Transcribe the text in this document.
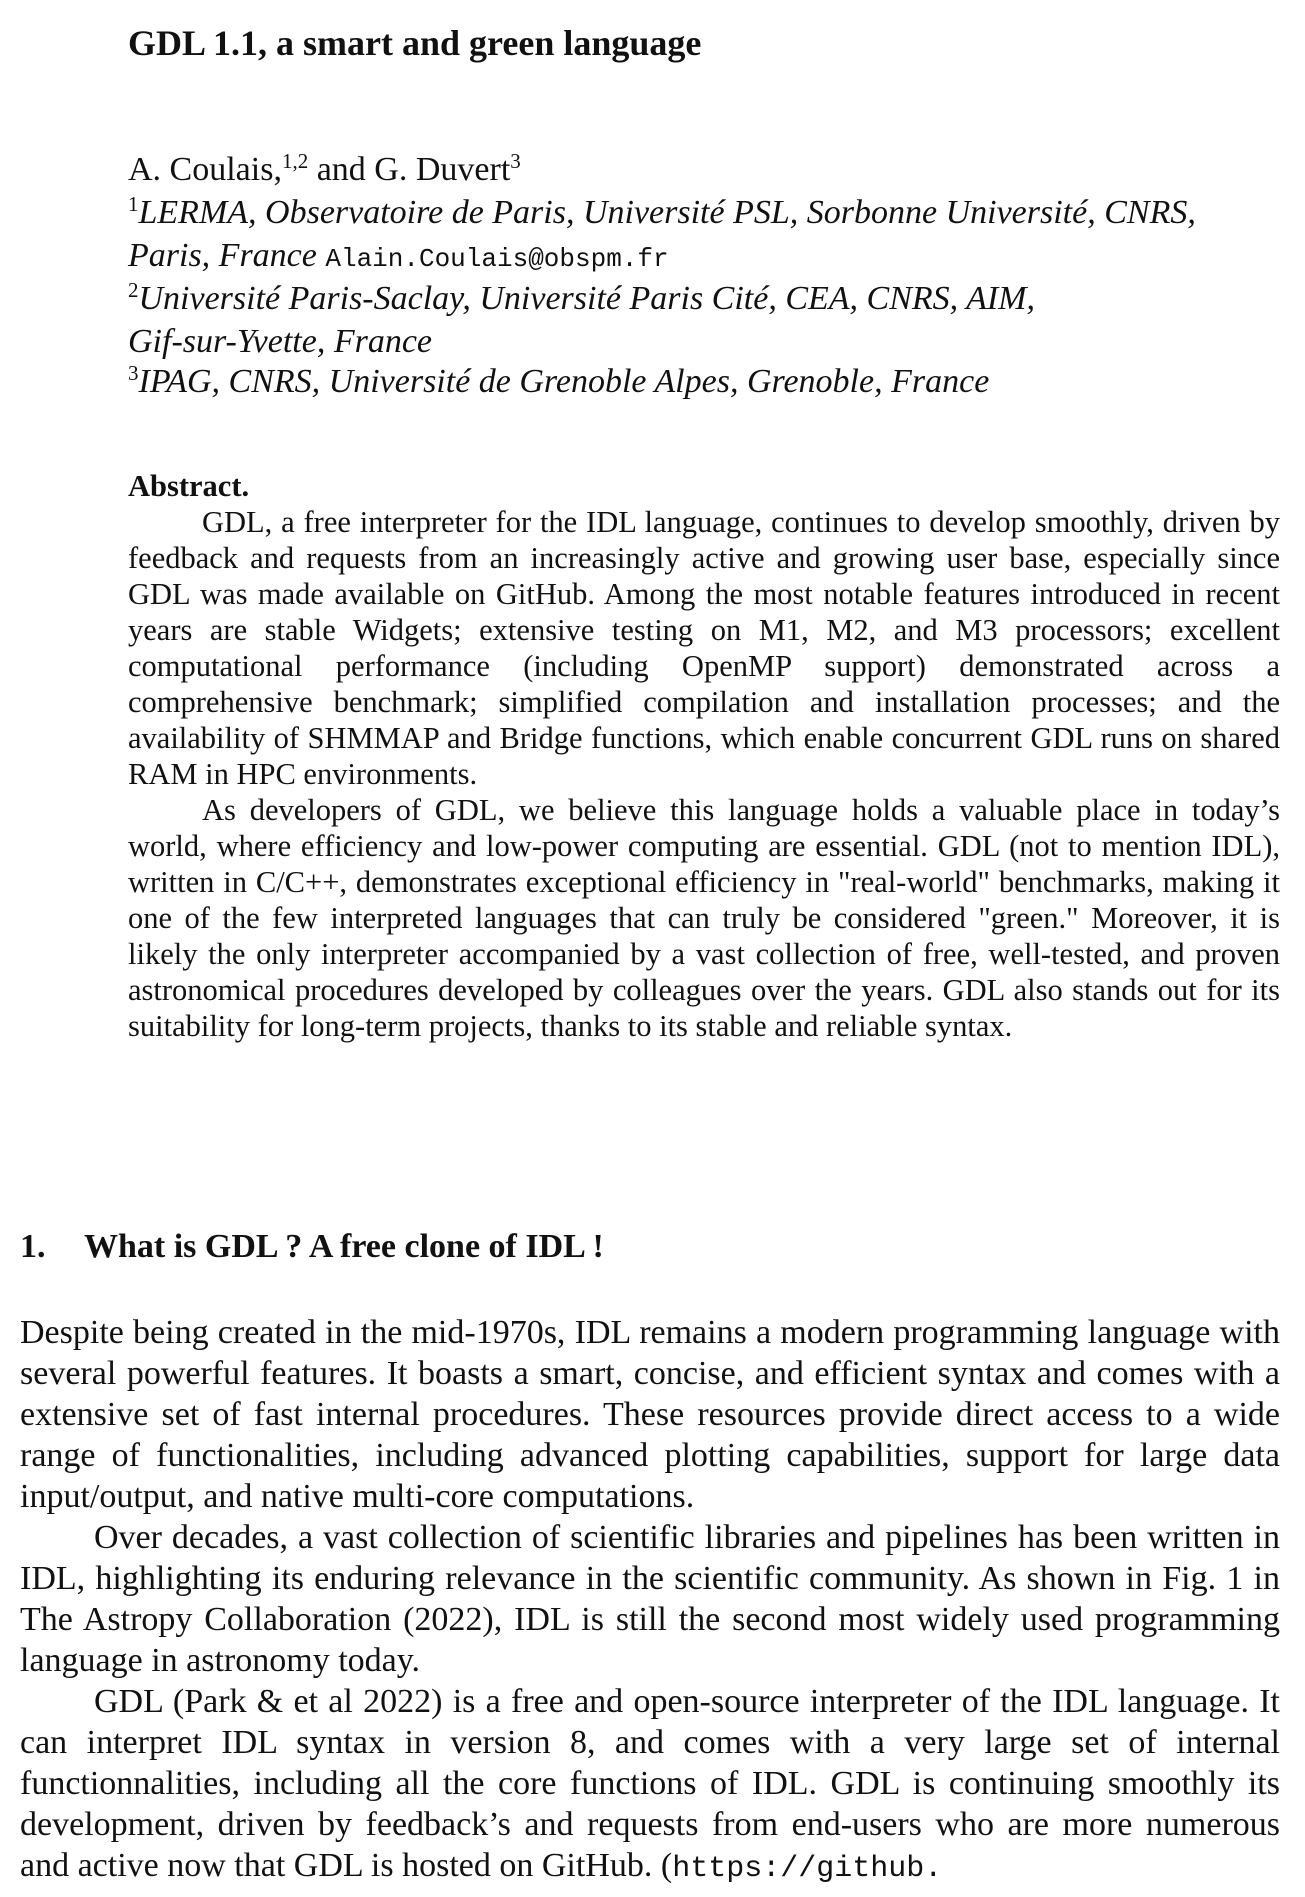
GDL 1.1, a smart and green language
A. Coulais,$^{1,2}$ and G. Duvert$^3$
$^1$LERMA, Observatoire de Paris, Université PSL, Sorbonne Université, CNRS,
Paris, France Alain.Coulais@obspm.fr
$^2$Université Paris-Saclay, Université Paris Cité, CEA, CNRS, AIM,
Gif-sur-Yvette, France
$^3$IPAG, CNRS, Université de Grenoble Alpes, Grenoble, France
Abstract.

GDL, a free interpreter for the IDL language, continues to develop smoothly, driven by feedback and requests from an increasingly active and growing user base, especially since GDL was made available on GitHub. Among the most notable features introduced in recent years are stable Widgets; extensive testing on M1, M2, and M3 processors; excellent computational performance (including OpenMP support) demonstrated across a comprehensive benchmark; simplified compilation and installation processes; and the availability of SHMMAP and Bridge functions, which enable concurrent GDL runs on shared RAM in HPC environments.

As developers of GDL, we believe this language holds a valuable place in today’s world, where efficiency and low-power computing are essential. GDL (not to mention IDL), written in C/C++, demonstrates exceptional efficiency in "real-world" benchmarks, making it one of the few interpreted languages that can truly be considered "green." Moreover, it is likely the only interpreter accompanied by a vast collection of free, well-tested, and proven astronomical procedures developed by colleagues over the years. GDL also stands out for its suitability for long-term projects, thanks to its stable and reliable syntax.

1. What is GDL ? A free clone of IDL !

Despite being created in the mid-1970s, IDL remains a modern programming language with several powerful features. It boasts a smart, concise, and efficient syntax and comes with a extensive set of fast internal procedures. These resources provide direct access to a wide range of functionalities, including advanced plotting capabilities, support for large data input/output, and native multi-core computations.

Over decades, a vast collection of scientific libraries and pipelines has been written in IDL, highlighting its enduring relevance in the scientific community. As shown in Fig. 1 in The Astropy Collaboration (2022), IDL is still the second most widely used programming language in astronomy today.

GDL (Park & et al 2022) is a free and open-source interpreter of the IDL language. It can interpret IDL syntax in version 8, and comes with a very large set of internal functionnalities, including all the core functions of IDL. GDL is continuing smoothly its development, driven by feedback’s and requests from end-users who are more numerous and active now that GDL is hosted on GitHub. (https://github.
